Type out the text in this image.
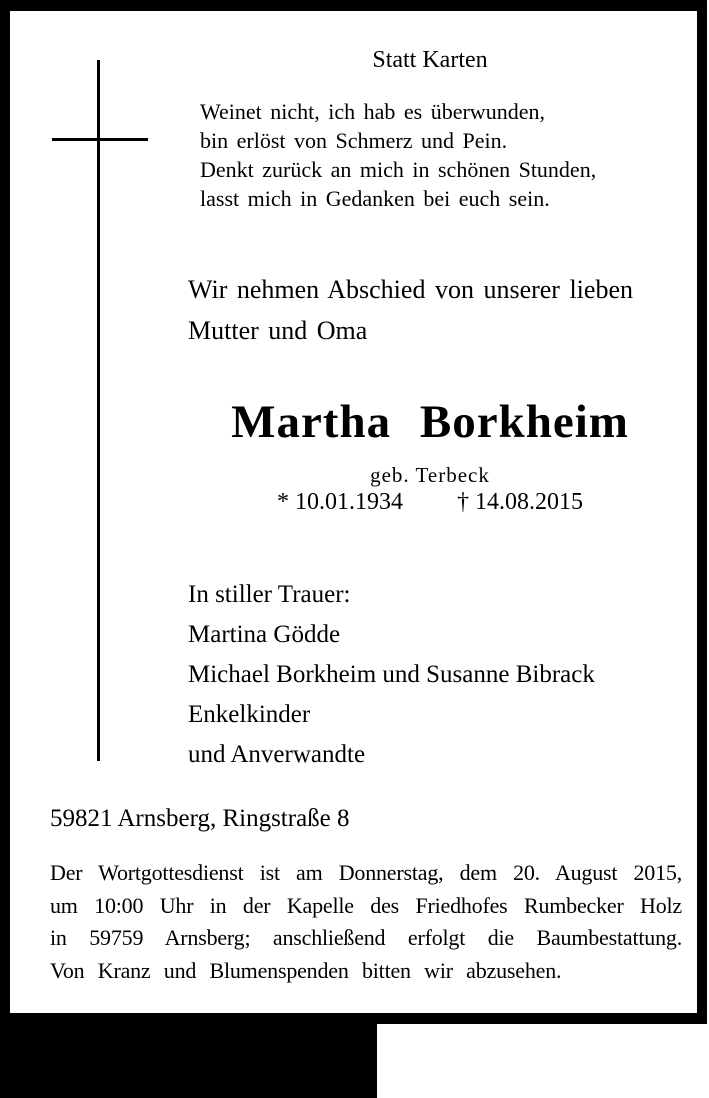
Statt Karten
Weinet nicht, ich hab es überwunden,
bin erlöst von Schmerz und Pein.
Denkt zurück an mich in schönen Stunden,
lasst mich in Gedanken bei euch sein.
Wir nehmen Abschied von unserer lieben
Mutter und Oma
Martha Borkheim
geb. Terbeck
* 10.01.1934 † 14.08.2015
In stiller Trauer:
Martina Gödde
Michael Borkheim und Susanne Bibrack
Enkelkinder
und Anverwandte
59821 Arnsberg, Ringstraße 8
Der Wortgottesdienst ist am Donnerstag, dem 20. August 2015,
um 10:00 Uhr in der Kapelle des Friedhofes Rumbecker Holz
in 59759 Arnsberg; anschließend erfolgt die Baumbestattung.
Von Kranz und Blumenspenden bitten wir abzusehen.
